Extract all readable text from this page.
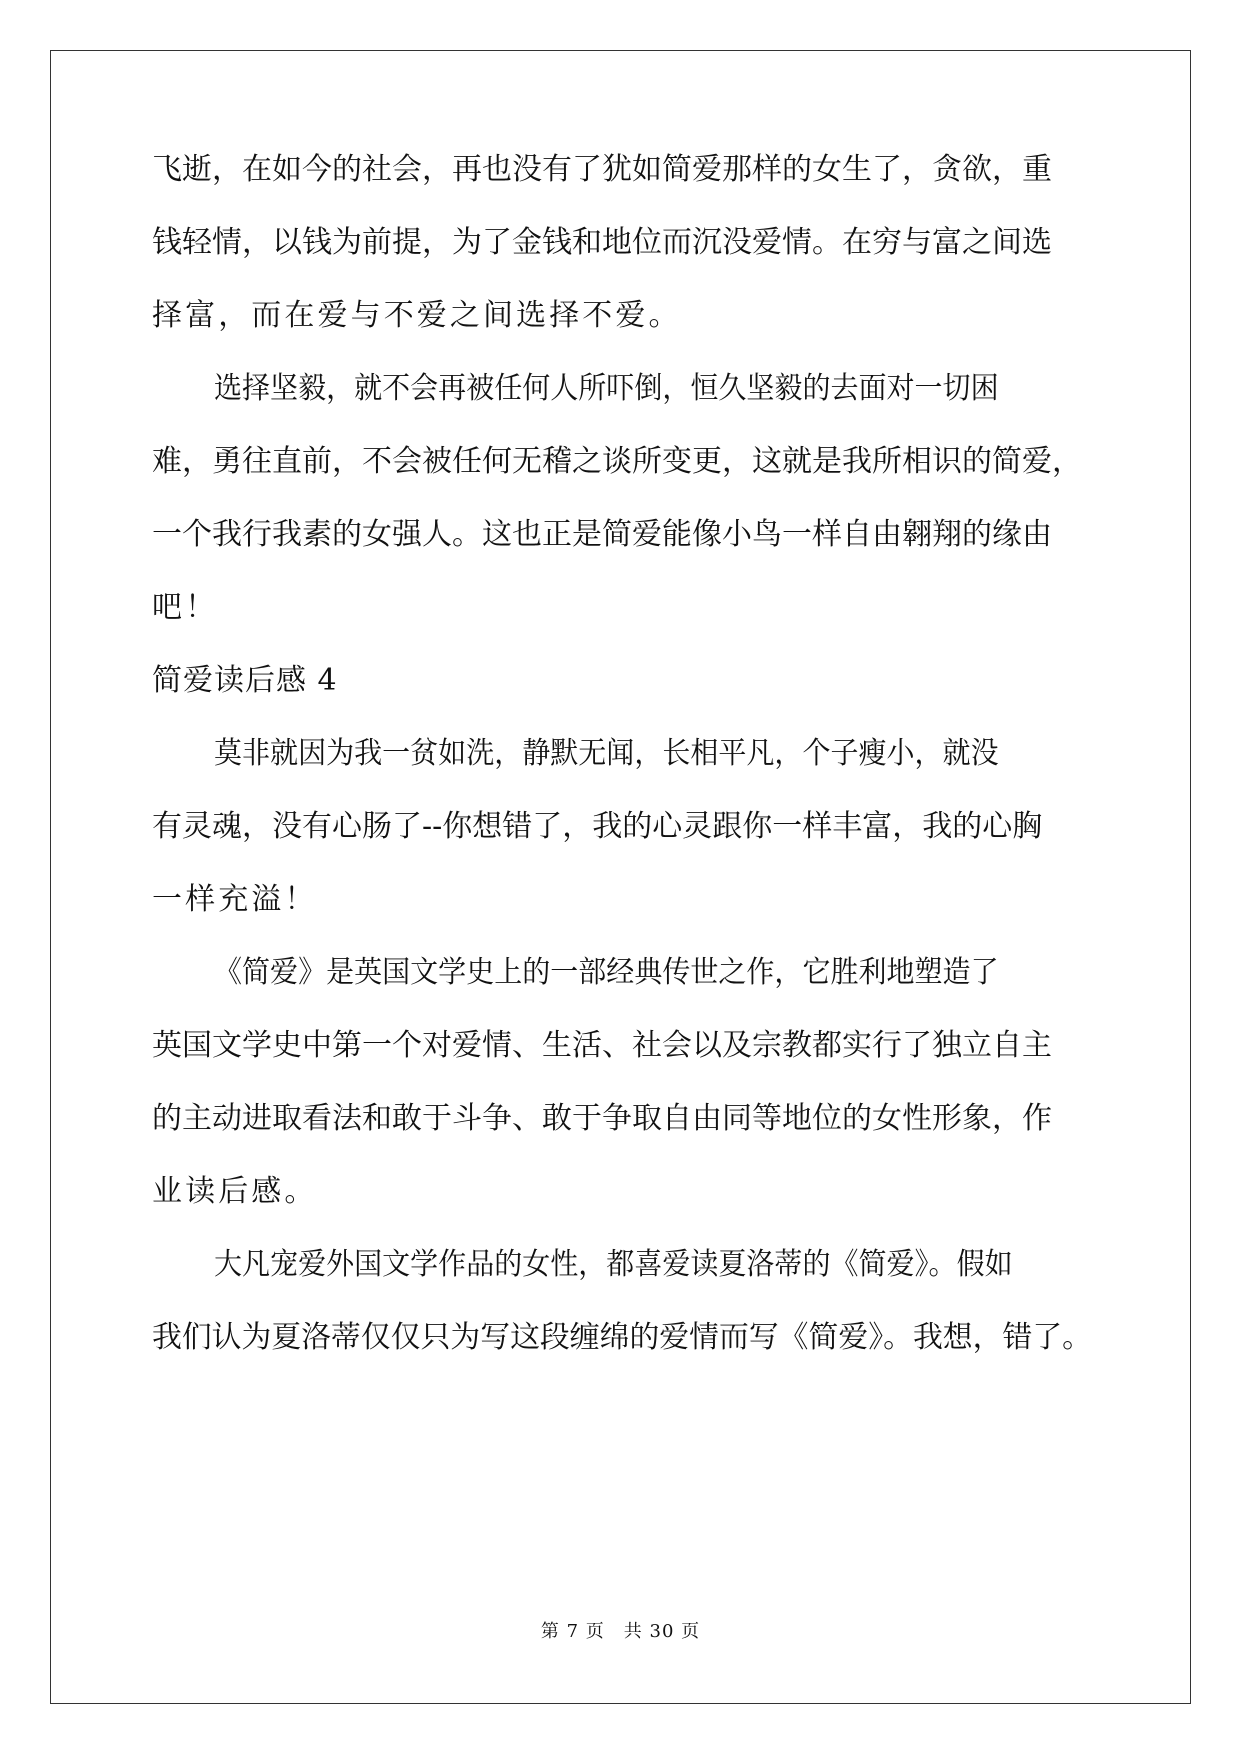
飞逝，在如今的社会，再也没有了犹如简爱那样的女生了，贪欲，重
钱轻情，以钱为前提，为了金钱和地位而沉没爱情。在穷与富之间选
择富，而在爱与不爱之间选择不爱。
选择坚毅，就不会再被任何人所吓倒，恒久坚毅的去面对一切困
难，勇往直前，不会被任何无稽之谈所变更，这就是我所相识的简爱，
一个我行我素的女强人。这也正是简爱能像小鸟一样自由翱翔的缘由
吧！
简爱读后感 4
莫非就因为我一贫如洗，静默无闻，长相平凡，个子瘦小，就没
有灵魂，没有心肠了--你想错了，我的心灵跟你一样丰富，我的心胸
一样充溢！
《简爱》是英国文学史上的一部经典传世之作，它胜利地塑造了
英国文学史中第一个对爱情、生活、社会以及宗教都实行了独立自主
的主动进取看法和敢于斗争、敢于争取自由同等地位的女性形象，作
业读后感。
大凡宠爱外国文学作品的女性，都喜爱读夏洛蒂的《简爱》。假如
我们认为夏洛蒂仅仅只为写这段缠绵的爱情而写《简爱》。我想，错了。
第 7 页　共 30 页
